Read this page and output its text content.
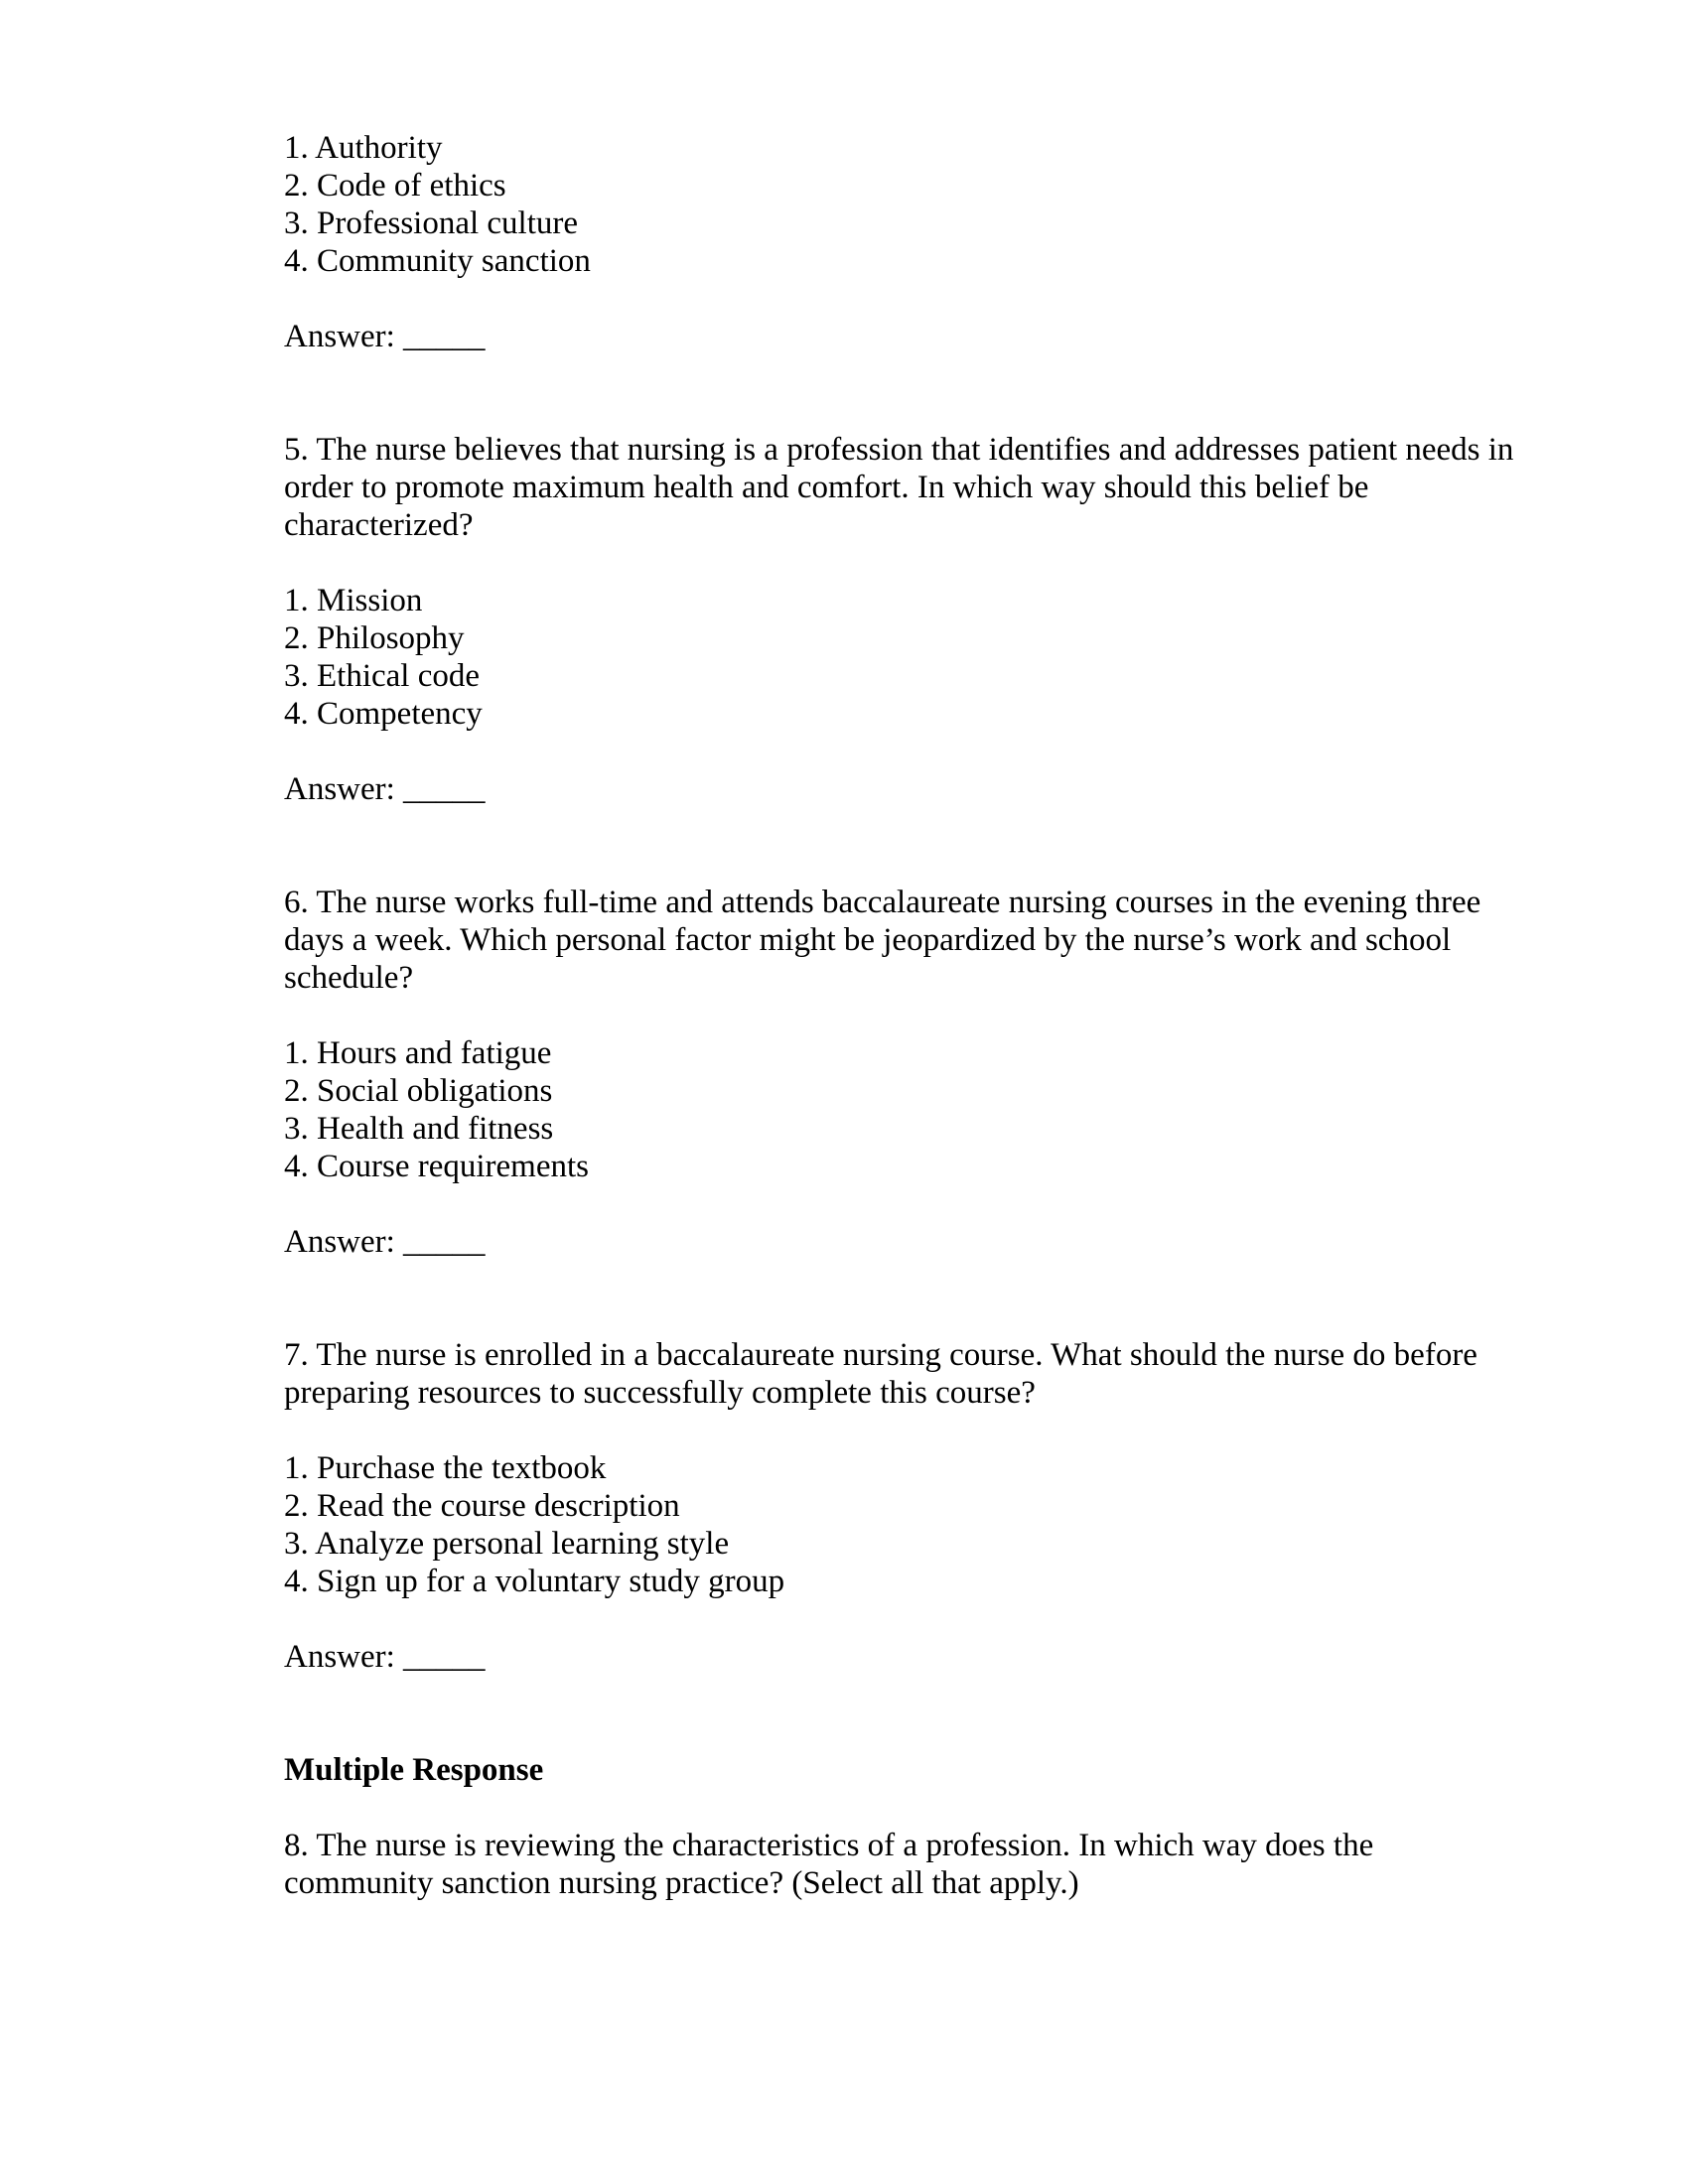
1. Authority
2. Code of ethics
3. Professional culture
4. Community sanction
Answer: _____
5. The nurse believes that nursing is a profession that identifies and addresses patient needs in
order to promote maximum health and comfort. In which way should this belief be
characterized?
1. Mission
2. Philosophy
3. Ethical code
4. Competency
Answer: _____
6. The nurse works full-time and attends baccalaureate nursing courses in the evening three
days a week. Which personal factor might be jeopardized by the nurse’s work and school
schedule?
1. Hours and fatigue
2. Social obligations
3. Health and fitness
4. Course requirements
Answer: _____
7. The nurse is enrolled in a baccalaureate nursing course. What should the nurse do before
preparing resources to successfully complete this course?
1. Purchase the textbook
2. Read the course description
3. Analyze personal learning style
4. Sign up for a voluntary study group
Answer: _____
Multiple Response
8. The nurse is reviewing the characteristics of a profession. In which way does the
community sanction nursing practice? (Select all that apply.)
